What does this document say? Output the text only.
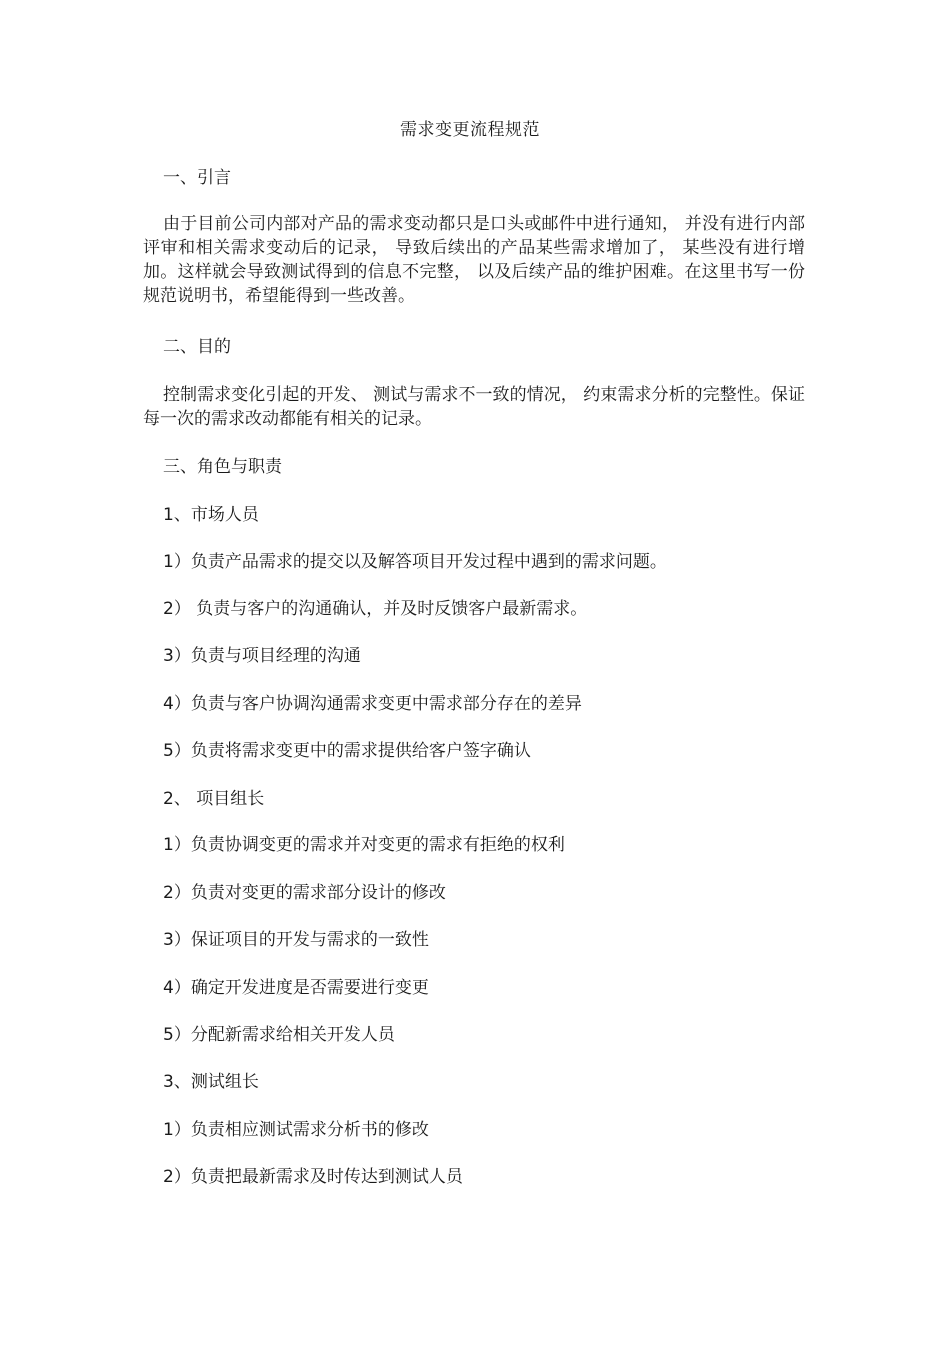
需求变更流程规范
一、引言
由于目前公司内部对产品的需求变动都只是口头或邮件中进行通知， 并没有进行内部评审和相关需求变动后的记录， 导致后续出的产品某些需求增加了， 某些没有进行增加。这样就会导致测试得到的信息不完整， 以及后续产品的维护困难。在这里书写一份规范说明书，希望能得到一些改善。
二、目的
控制需求变化引起的开发、 测试与需求不一致的情况， 约束需求分析的完整性。保证每一次的需求改动都能有相关的记录。
三、角色与职责
1、市场人员
1）负责产品需求的提交以及解答项目开发过程中遇到的需求问题。
2） 负责与客户的沟通确认，并及时反馈客户最新需求。
3）负责与项目经理的沟通
4）负责与客户协调沟通需求变更中需求部分存在的差异
5）负责将需求变更中的需求提供给客户签字确认
2、 项目组长
1）负责协调变更的需求并对变更的需求有拒绝的权利
2）负责对变更的需求部分设计的修改
3）保证项目的开发与需求的一致性
4）确定开发进度是否需要进行变更
5）分配新需求给相关开发人员
3、测试组长
1）负责相应测试需求分析书的修改
2）负责把最新需求及时传达到测试人员
